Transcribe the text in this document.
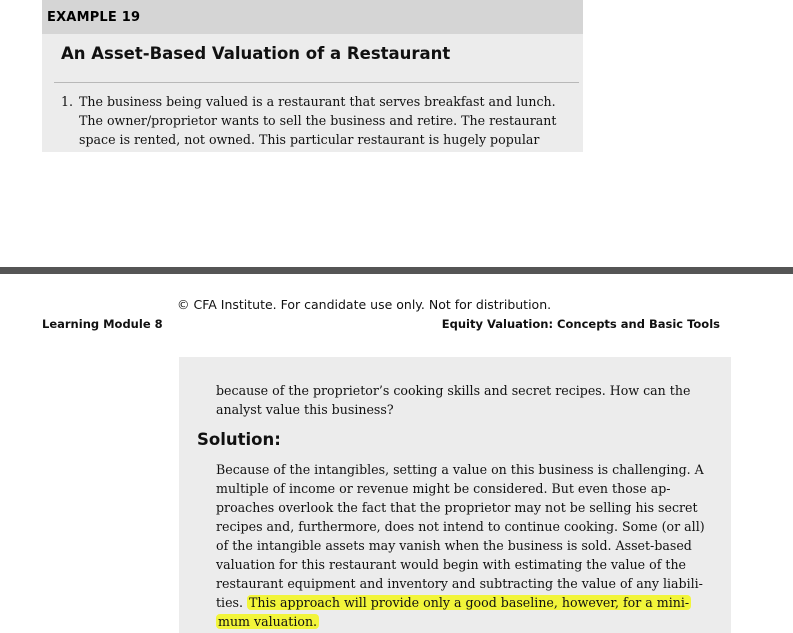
EXAMPLE 19
An Asset-Based Valuation of a Restaurant
1. The business being valued is a restaurant that serves breakfast and lunch.
The owner/proprietor wants to sell the business and retire. The restaurant
space is rented, not owned. This particular restaurant is hugely popular
© CFA Institute. For candidate use only. Not for distribution.
Learning Module 8	Equity Valuation: Concepts and Basic Tools
because of the proprietor’s cooking skills and secret recipes. How can the
analyst value this business?
Solution:
Because of the intangibles, setting a value on this business is challenging. A
multiple of income or revenue might be considered. But even those ap-
proaches overlook the fact that the proprietor may not be selling his secret
recipes and, furthermore, does not intend to continue cooking. Some (or all)
of the intangible assets may vanish when the business is sold. Asset-based
valuation for this restaurant would begin with estimating the value of the
restaurant equipment and inventory and subtracting the value of any liabili-
ties. This approach will provide only a good baseline, however, for a mini-
mum valuation.
